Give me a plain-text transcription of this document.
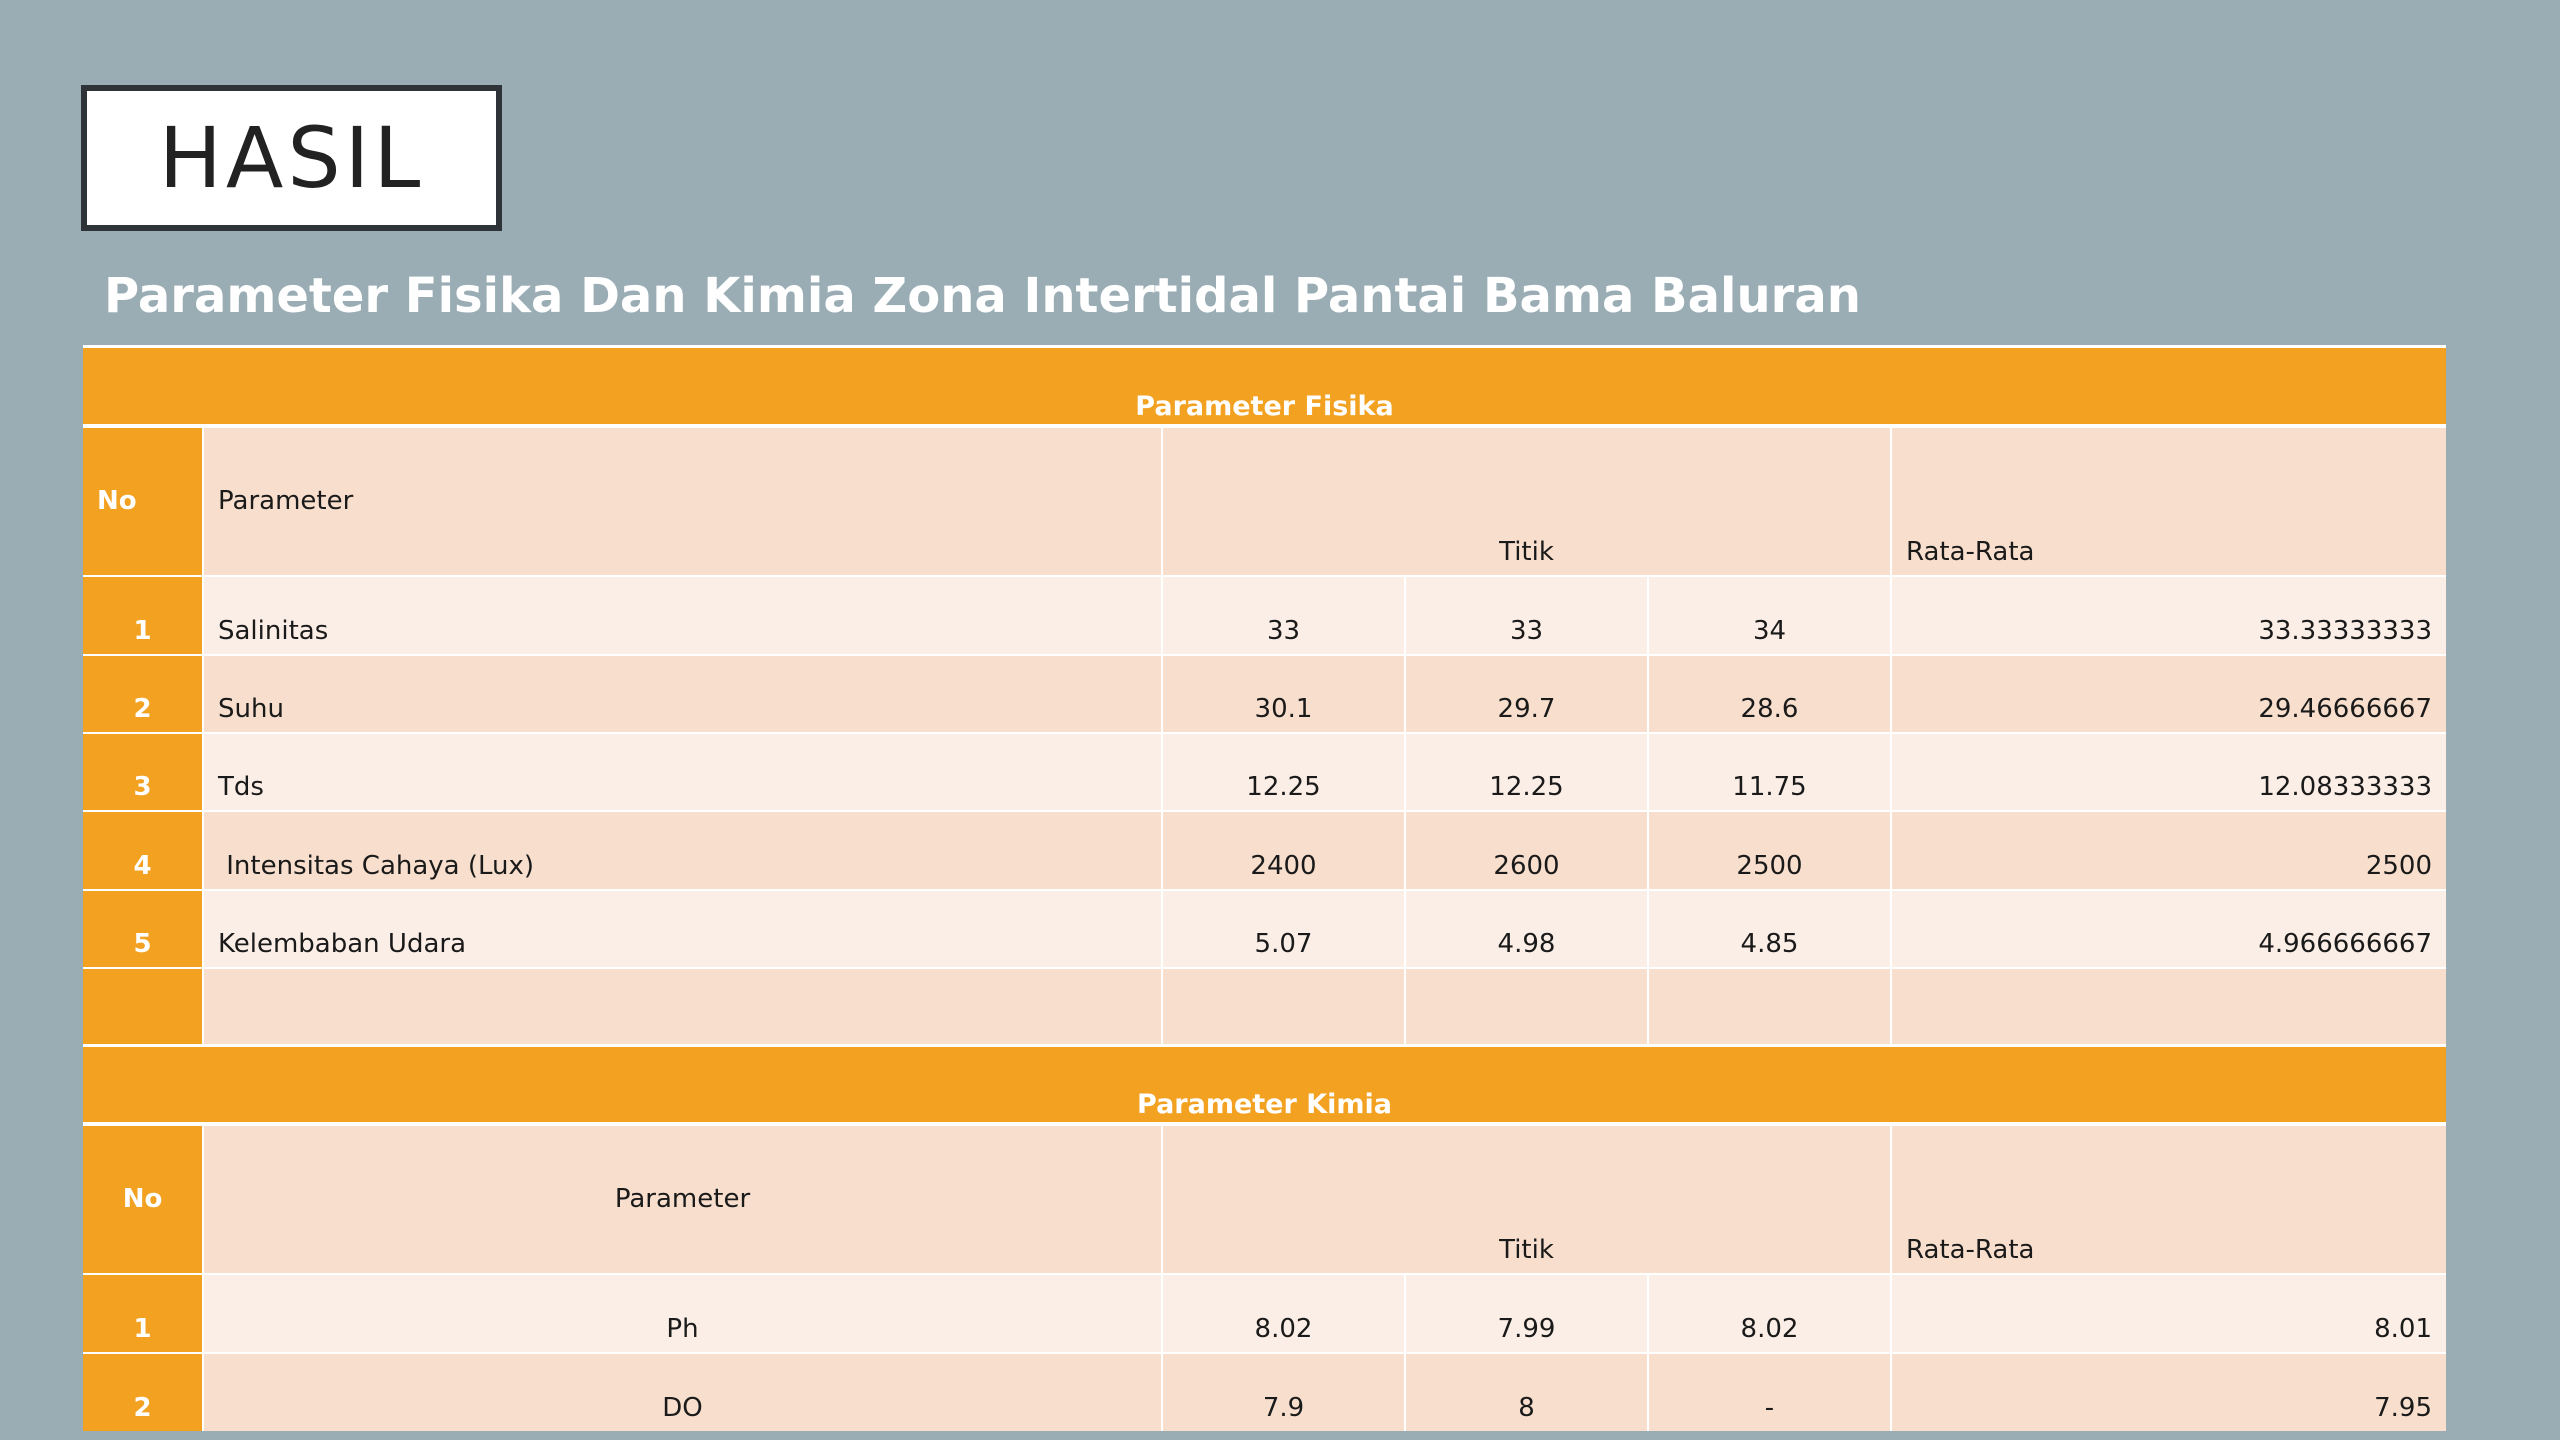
HASIL
Parameter Fisika Dan Kimia Zona Intertidal Pantai Bama Baluran
Parameter Fisika					
No	Parameter	Titik			Rata-Rata
1	Salinitas	33	33	34	33.33333333
2	Suhu	30.1	29.7	28.6	29.46666667
3	Tds	12.25	12.25	11.75	12.08333333
4	Intensitas Cahaya (Lux)	2400	2600	2500	2500
5	Kelembaban Udara	5.07	4.98	4.85	4.966666667

Parameter Kimia					
No	Parameter	Titik			Rata-Rata
1	Ph	8.02	7.99	8.02	8.01
2	DO	7.9	8	-	7.95
